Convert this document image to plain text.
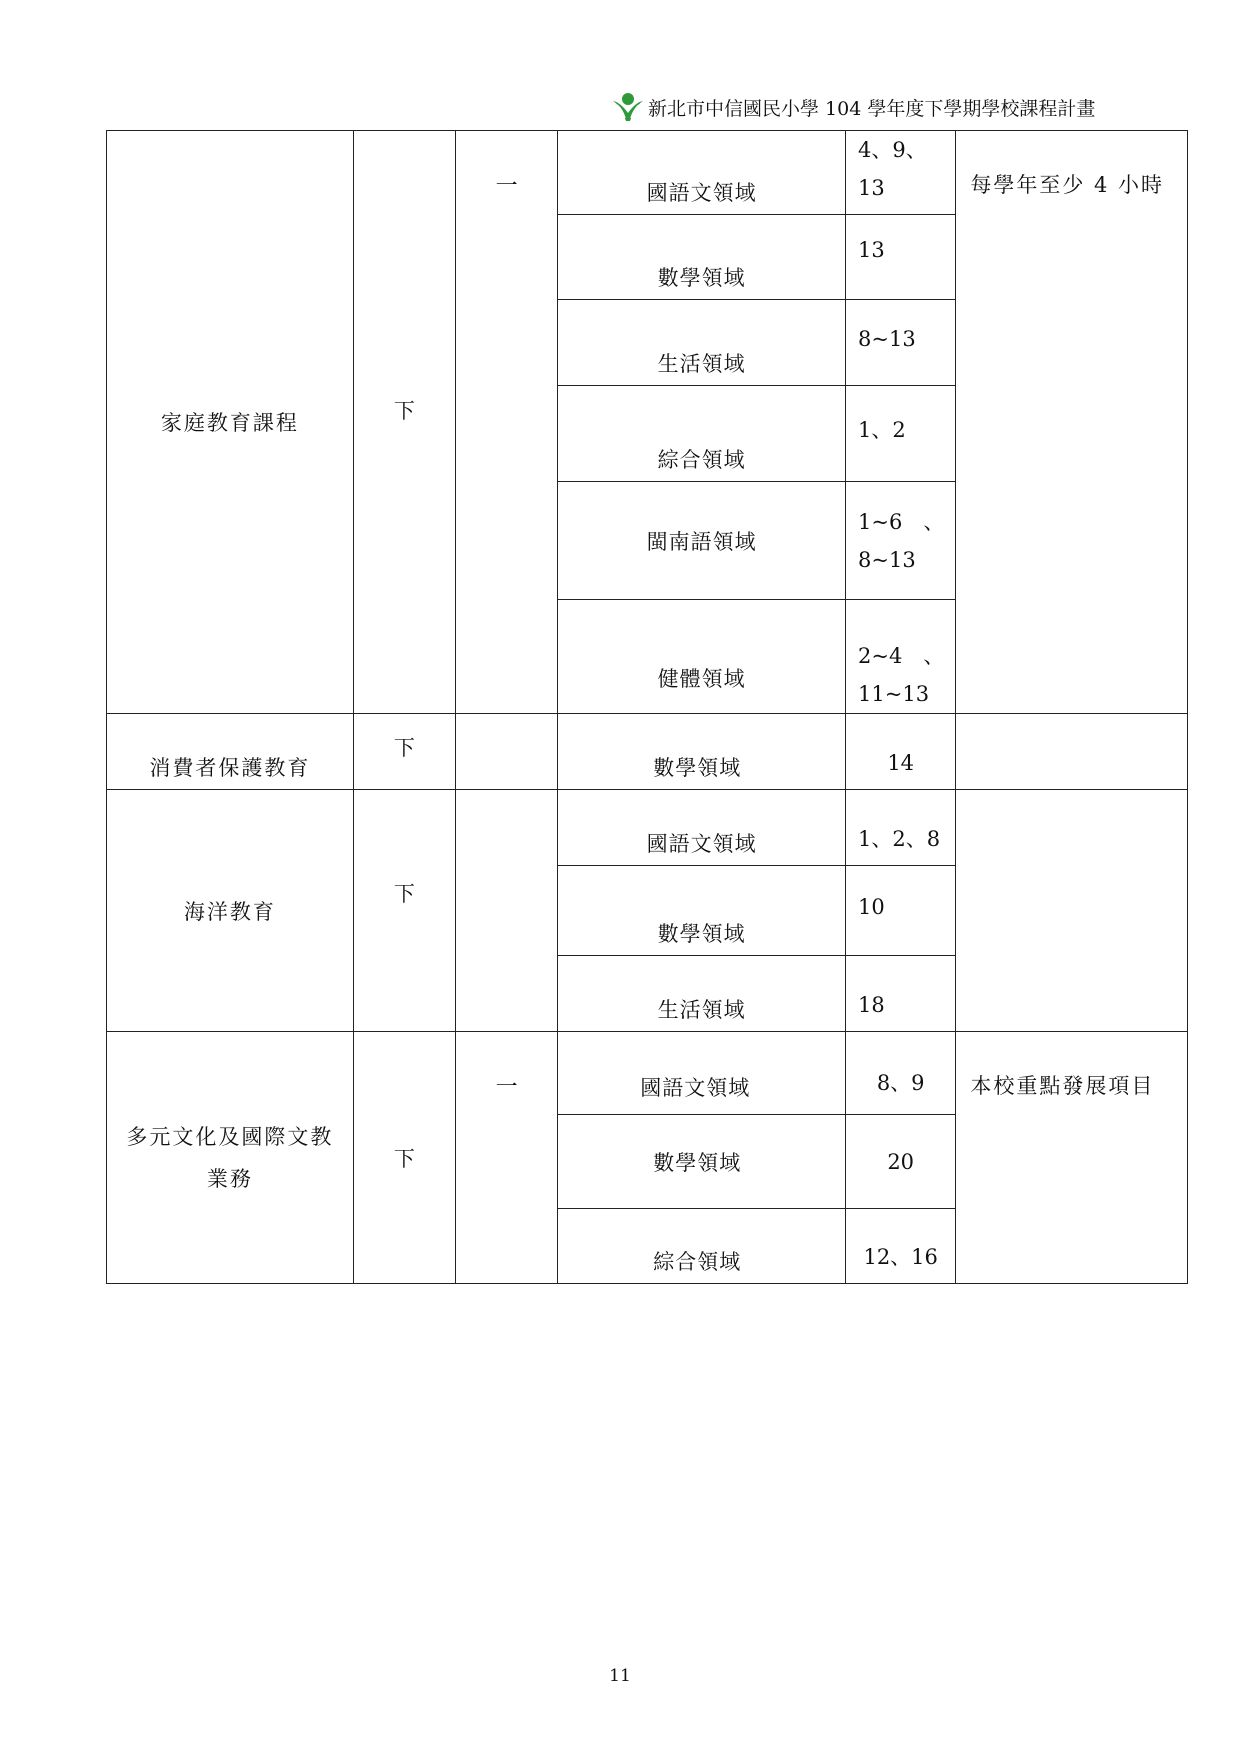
新北市中信國民小學 104 學年度下學期學校課程計畫
家庭教育課程	下	一	國語文領域	4、9、13	每學年至少 4 小時

			數學領域	13	

			生活領域	8~13	

			綜合領域	1、2	

			閩南語領域	1~6　、8~13	

			健體領域	2~4　、11~13	

消費者保護教育	下		數學領域	14	

海洋教育	下		國語文領域	1、2、8	

			數學領域	10	

			生活領域	18	

多元文化及國際文教業務	下	一	國語文領域	8、9	本校重點發展項目

			數學領域	20	

			綜合領域	12、16	
11
